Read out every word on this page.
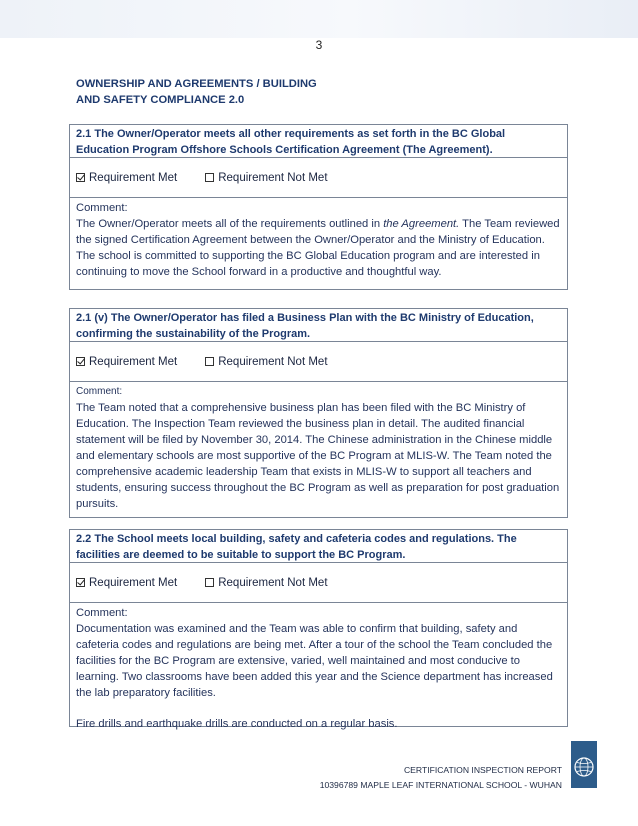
3
OWNERSHIP AND AGREEMENTS / BUILDING
AND SAFETY COMPLIANCE 2.0
2.1 The Owner/Operator meets all other requirements as set forth in the BC Global Education Program Offshore Schools Certification Agreement (The Agreement).
Requirement Met	Requirement Not Met
Comment:
The Owner/Operator meets all of the requirements outlined in the Agreement. The Team reviewed the signed Certification Agreement between the Owner/Operator and the Ministry of Education. The school is committed to supporting the BC Global Education program and are interested in continuing to move the School forward in a productive and thoughtful way.
2.1 (v) The Owner/Operator has filed a Business Plan with the BC Ministry of Education, confirming the sustainability of the Program.
Requirement Met	Requirement Not Met
Comment:
The Team noted that a comprehensive business plan has been filed with the BC Ministry of Education. The Inspection Team reviewed the business plan in detail. The audited financial statement will be filed by November 30, 2014. The Chinese administration in the Chinese middle and elementary schools are most supportive of the BC Program at MLIS-W. The Team noted the comprehensive academic leadership Team that exists in MLIS-W to support all teachers and students, ensuring success throughout the BC Program as well as preparation for post graduation pursuits.
2.2 The School meets local building, safety and cafeteria codes and regulations. The facilities are deemed to be suitable to support the BC Program.
Requirement Met	Requirement Not Met
Comment:
Documentation was examined and the Team was able to confirm that building, safety and cafeteria codes and regulations are being met. After a tour of the school the Team concluded the facilities for the BC Program are extensive, varied, well maintained and most conducive to learning. Two classrooms have been added this year and the Science department has increased the lab preparatory facilities.
Fire drills and earthquake drills are conducted on a regular basis.
CERTIFICATION INSPECTION REPORT
10396789 MAPLE LEAF INTERNATIONAL SCHOOL - WUHAN
